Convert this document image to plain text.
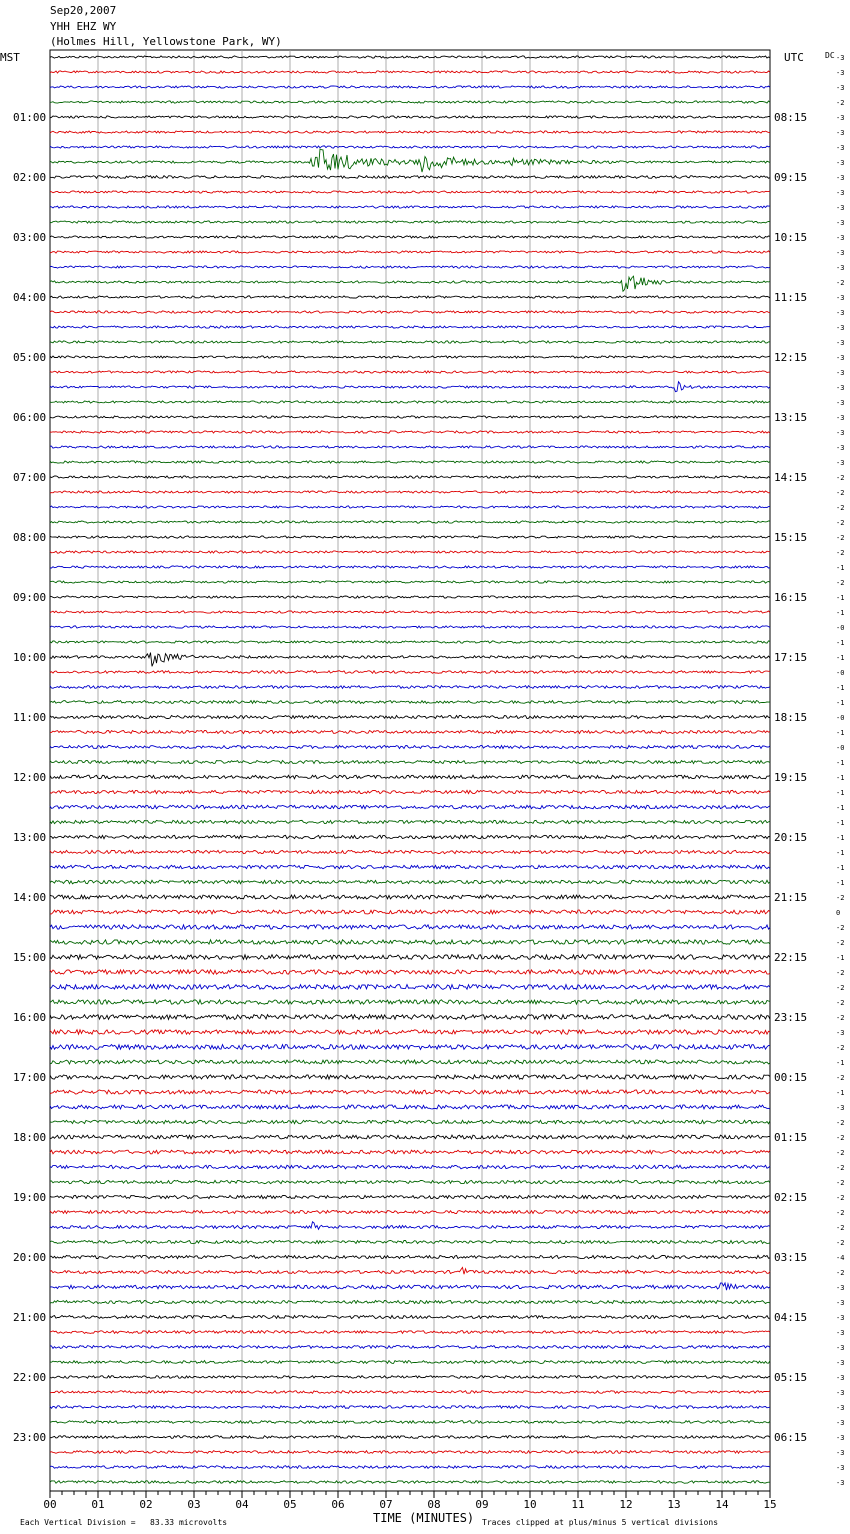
Sep20,2007
YHH EHZ WY
(Holmes Hill, Yellowstone Park, WY)
MST	UTC	DC -3
-3
-3
-2
-3
-3
-3
-3
-3
-3
-3
-3
-3
-3
-3
-2
-3
-3
-3
-3
-3
-3
-3
-3
-3
-3
-3
-3
-2
-2
-2
-2
-2
-2
-1
-2
-1
-1
-0
-1
-1
-0
-1
-1
-0
-1
-0
-1
-1
-1
-1
-1
-1
-1
-1
-1
-2
0
-2
-2
-1
-2
-2
-2
-2
-3
-2
-1
-2
-1
-3
-2
-2
-2
-2
-2
-2
-2
-2
-2
-4
-2
-3
-3
-3
-3
-3
-3
-3
-3
-3
-3
-3
-3
-3
-3
01:00
02:00
03:00
04:00
05:00
06:00
07:00
08:00
09:00
10:00
11:00
12:00
13:00
14:00
15:00
16:00
17:00
18:00
19:00
20:00
21:00
22:00
23:00
08:15
09:15
10:15
11:15
12:15
13:15
14:15
15:15
16:15
17:15
18:15
19:15
20:15
21:15
22:15
23:15
00:15
01:15
02:15
03:15
04:15
05:15
06:15
00	01	02	03	04	05	06	07	08	09	10	11	12	13	14	15
TIME (MINUTES)
Each Vertical Division =   83.33 microvolts	Traces clipped at plus/minus 5 vertical divisions
